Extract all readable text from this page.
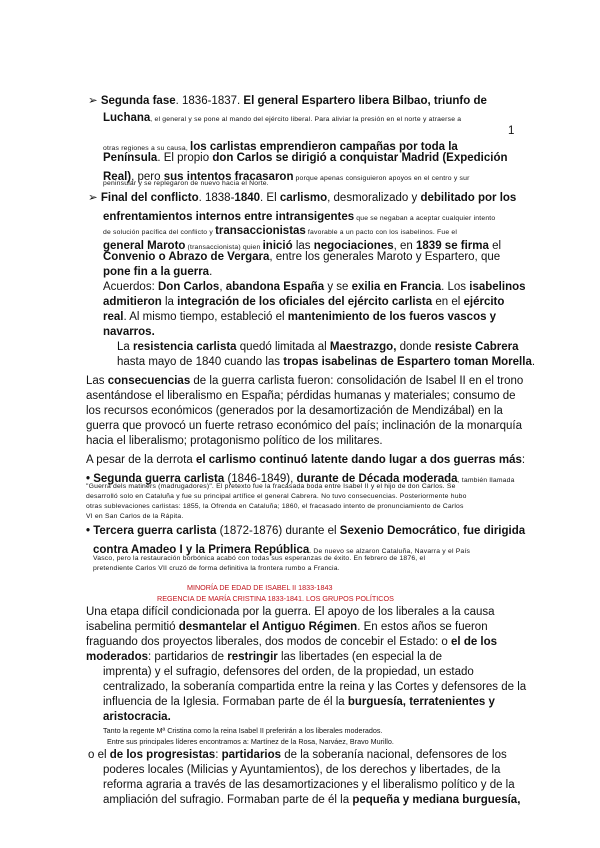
➢ Segunda fase. 1836-1837. El general Espartero libera Bilbao, triunfo de
Luchana, el general y se pone al mando del ejército liberal. Para aliviar la presión en el norte y atraerse a
1
otras regiones a su causa, los carlistas emprendieron campañas por toda la
Península. El propio don Carlos se dirigió a conquistar Madrid (Expedición
Real), pero sus intentos fracasaron porque apenas consiguieron apoyos en el centro y sur
peninsular y se replegaron de nuevo hacia el Norte.
➢ Final del conflicto. 1838-1840. El carlismo, desmoralizado y debilitado por los
enfrentamientos internos entre intransigentes que se negaban a aceptar cualquier intento
de solución pacífica del conflicto y transaccionistas favorable a un pacto con los isabelinos. Fue el
general Maroto (transaccionista) quien inició las negociaciones, en 1839 se firma el
Convenio o Abrazo de Vergara, entre los generales Maroto y Espartero, que
pone fin a la guerra.
Acuerdos: Don Carlos, abandona España y se exilia en Francia. Los isabelinos
admitieron la integración de los oficiales del ejército carlista en el ejército
real. Al mismo tiempo, estableció el mantenimiento de los fueros vascos y
navarros.
La resistencia carlista quedó limitada al Maestrazgo, donde resiste Cabrera
hasta mayo de 1840 cuando las tropas isabelinas de Espartero toman Morella.
Las consecuencias de la guerra carlista fueron: consolidación de Isabel II en el trono
asentándose el liberalismo en España; pérdidas humanas y materiales; consumo de
los recursos económicos (generados por la desamortización de Mendizábal) en la
guerra que provocó un fuerte retraso económico del país; inclinación de la monarquía
hacia el liberalismo; protagonismo político de los militares.
A pesar de la derrota el carlismo continuó latente dando lugar a dos guerras más:
• Segunda guerra carlista (1846-1849), durante de Década moderada, también llamada
"Guerra dels matiners (madrugadores)". El pretexto fue la fracasada boda entre Isabel II y el hijo de don Carlos. Se
desarrolló solo en Cataluña y fue su principal artífice el general Cabrera. No tuvo consecuencias. Posteriormente hubo
otras sublevaciones carlistas: 1855, la Ofrenda en Cataluña; 1860, el fracasado intento de pronunciamiento de Carlos
VI en San Carlos de la Rápita.
• Tercera guerra carlista (1872-1876) durante el Sexenio Democrático, fue dirigida
contra Amadeo I y la Primera República. De nuevo se alzaron Cataluña, Navarra y el País
Vasco, pero la restauración borbónica acabó con todas sus esperanzas de éxito. En febrero de 1876, el
pretendiente Carlos VII cruzó de forma definitiva la frontera rumbo a Francia.
MINORÍA DE EDAD DE ISABEL II 1833-1843
REGENCIA DE MARÍA CRISTINA 1833-1841. LOS GRUPOS POLÍTICOS
Una etapa difícil condicionada por la guerra. El apoyo de los liberales a la causa
isabelina permitió desmantelar el Antiguo Régimen. En estos años se fueron
fraguando dos proyectos liberales, dos modos de concebir el Estado: o el de los
moderados: partidarios de restringir las libertades (en especial la de
imprenta) y el sufragio, defensores del orden, de la propiedad, un estado
centralizado, la soberanía compartida entre la reina y las Cortes y defensores de la
influencia de la Iglesia. Formaban parte de él la burguesía, terratenientes y
aristocracia.
Tanto la regente Mª Cristina como la reina Isabel II preferirán a los liberales moderados.
Entre sus principales líderes encontramos a: Martínez de la Rosa, Narváez, Bravo Murillo.
o el de los progresistas: partidarios de la soberanía nacional, defensores de los
poderes locales (Milicias y Ayuntamientos), de los derechos y libertades, de la
reforma agraria a través de las desamortizaciones y el liberalismo político y de la
ampliación del sufragio. Formaban parte de él la pequeña y mediana burguesía,
